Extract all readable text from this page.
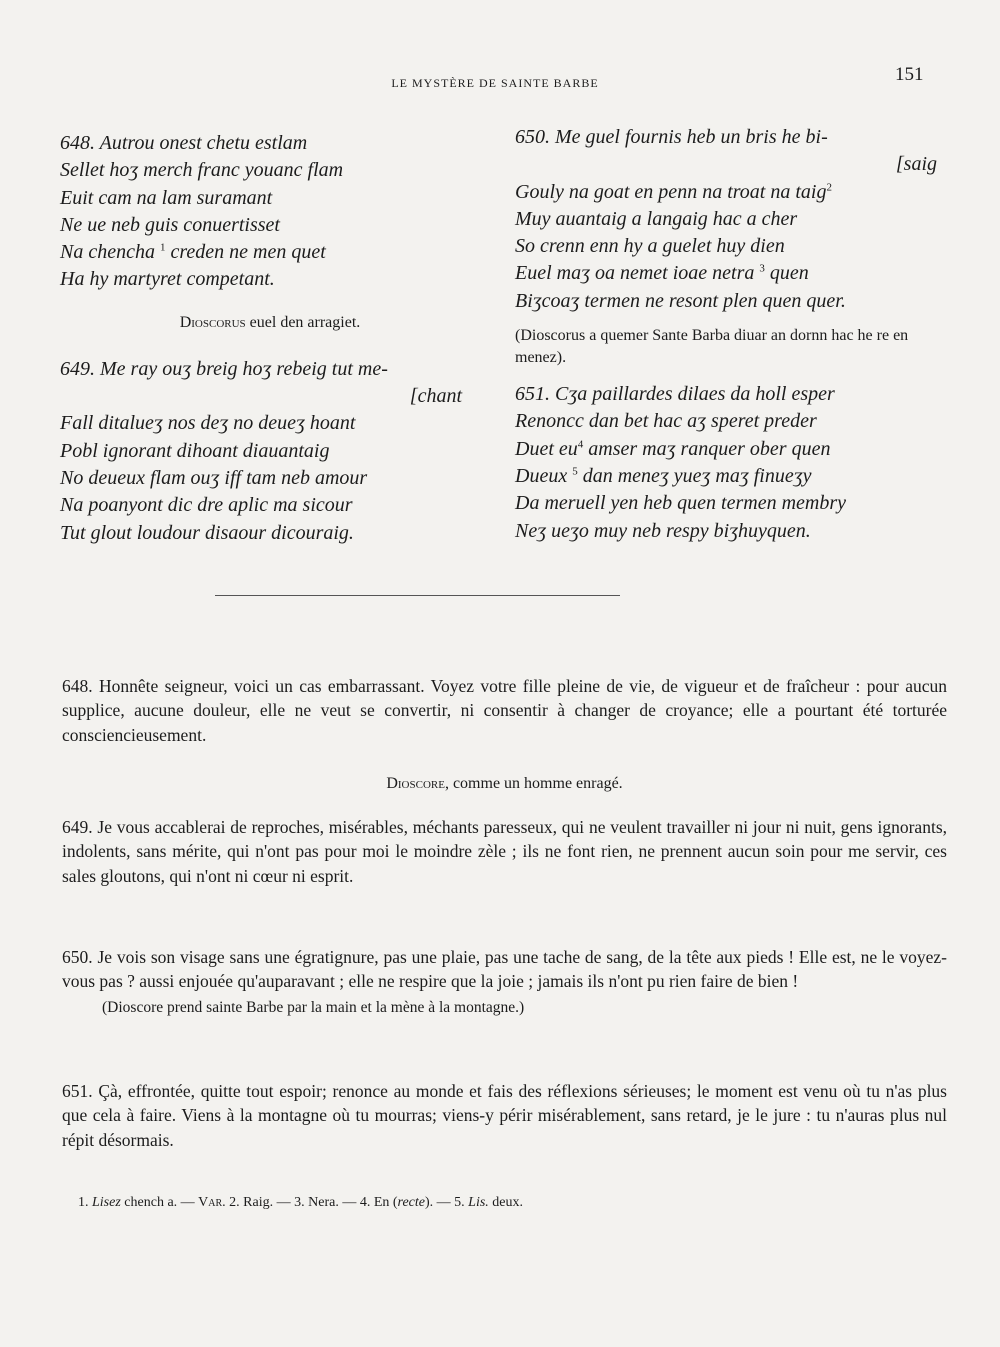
LE MYSTÈRE DE SAINTE BARBE	151
648. Autrou onest chetu estlam
Sellet hoʒ merch franc youanc flam
Euit cam na lam suramant
Ne ue neb guis conuertisset
Na chencha $^1$ creden ne men quet
Ha hy martyret competant.
Dioscorus euel den arragiet.
649. Me ray ouʒ breig hoʒ rebeig tut me-
[chant
Fall ditalueʒ nos deʒ no deueʒ hoant
Pobl ignorant dihoant diauantaig
No deueux flam ouʒ iff tam neb amour
Na poanyont dic dre aplic ma sicour
Tut glout loudour disaour dicouraig.
650. Me guel fournis heb un bris he bi-
[saig
Gouly na goat en penn na troat na taig$^2$
Muy auantaig a langaig hac a cher
So crenn enn hy a guelet huy dien
Euel maʒ oa nemet ioae netra $^3$ quen
Biʒcoaʒ termen ne resont plen quen quer.
(Dioscorus a quemer Sante Barba diuar an dornn hac he re en menez).
651. Cʒa paillardes dilaes da holl esper
Renoncc dan bet hac aʒ speret preder
Duet $eu^4$ amser maʒ ranquer ober quen
Dueux $^5$ dan meneʒ yueʒ maʒ finueʒy
Da meruell yen heb quen termen membry
Neʒ ueʒo muy neb respy biʒhuyquen.
648. Honnête seigneur, voici un cas embarrassant. Voyez votre fille pleine de vie, de vigueur et de fraîcheur : pour aucun supplice, aucune douleur, elle ne veut se convertir, ni consentir à changer de croyance; elle a pourtant été torturée consciencieusement.
Dioscore, comme un homme enragé.
649. Je vous accablerai de reproches, misérables, méchants paresseux, qui ne veulent travailler ni jour ni nuit, gens ignorants, indolents, sans mérite, qui n'ont pas pour moi le moindre zèle ; ils ne font rien, ne prennent aucun soin pour me servir, ces sales gloutons, qui n'ont ni cœur ni esprit.
650. Je vois son visage sans une égratignure, pas une plaie, pas une tache de sang, de la tête aux pieds ! Elle est, ne le voyez-vous pas ? aussi enjouée qu'auparavant ; elle ne respire que la joie ; jamais ils n'ont pu rien faire de bien !
(Dioscore prend sainte Barbe par la main et la mène à la montagne.)
651. Çà, effrontée, quitte tout espoir; renonce au monde et fais des réflexions sérieuses; le moment est venu où tu n'as plus que cela à faire. Viens à la montagne où tu mourras; viens-y périr misérablement, sans retard, je le jure : tu n'auras plus nul répit désormais.
1. Lisez chench a. — Var. 2. Raig. — 3. Nera. — 4. En (recte). — 5. Lis. deux.
